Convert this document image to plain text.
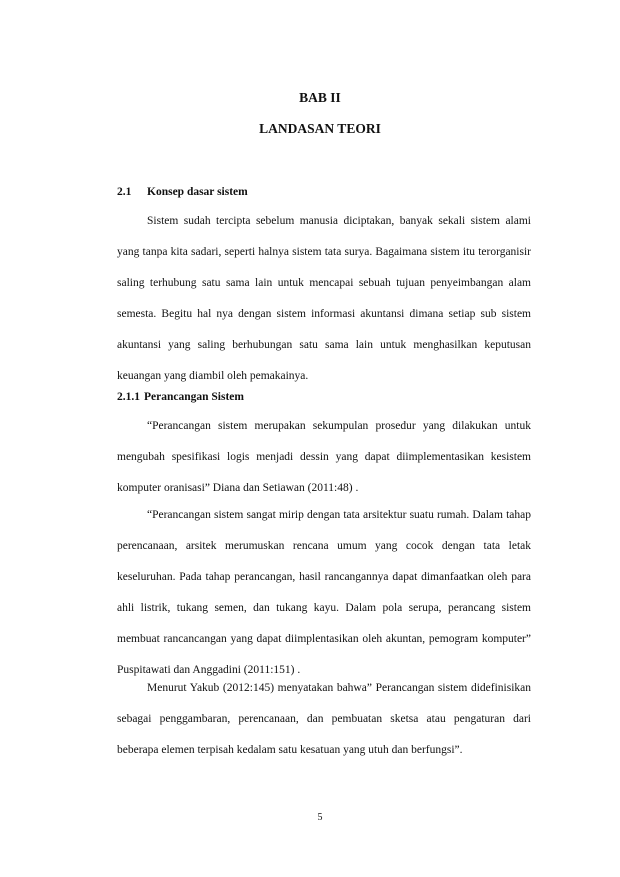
BAB II
LANDASAN TEORI
2.1 Konsep dasar sistem

Sistem sudah tercipta sebelum manusia diciptakan, banyak sekali sistem alami yang tanpa kita sadari, seperti halnya sistem tata surya. Bagaimana sistem itu terorganisir saling terhubung satu sama lain untuk mencapai sebuah tujuan penyeimbangan alam semesta. Begitu hal nya dengan sistem informasi akuntansi dimana setiap sub sistem akuntansi yang saling berhubungan satu sama lain untuk menghasilkan keputusan keuangan yang diambil oleh pemakainya.

2.1.1 Perancangan Sistem

“Perancangan sistem merupakan sekumpulan prosedur yang dilakukan untuk mengubah spesifikasi logis menjadi dessin yang dapat diimplementasikan kesistem komputer oranisasi” Diana dan Setiawan (2011:48) .

“Perancangan sistem sangat mirip dengan tata arsitektur suatu rumah. Dalam tahap perencanaan, arsitek merumuskan rencana umum yang cocok dengan tata letak keseluruhan. Pada tahap perancangan, hasil rancangannya dapat dimanfaatkan oleh para ahli listrik, tukang semen, dan tukang kayu. Dalam pola serupa, perancang sistem membuat rancancangan yang dapat diimplentasikan oleh akuntan, pemogram komputer” Puspitawati dan Anggadini (2011:151) .

Menurut Yakub (2012:145) menyatakan bahwa” Perancangan sistem didefinisikan sebagai penggambaran, perencanaan, dan pembuatan sketsa atau pengaturan dari beberapa elemen terpisah kedalam satu kesatuan yang utuh dan berfungsi”.

5
